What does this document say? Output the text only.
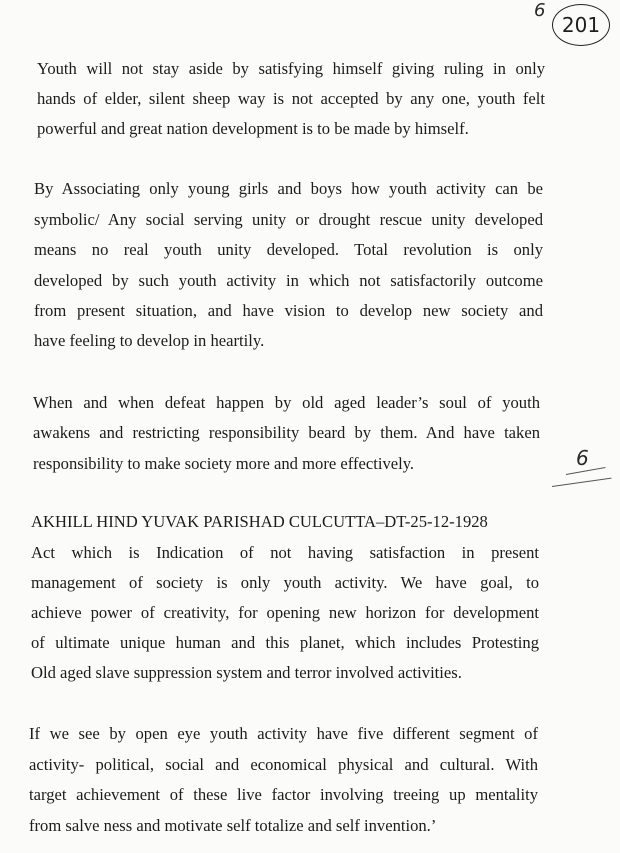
6
201
Youth will not stay aside by satisfying himself giving ruling in only
hands of elder, silent sheep way is not accepted by any one, youth felt
powerful and great nation development is to be made by himself.
By Associating only young girls and boys how youth activity can be
symbolic/ Any social serving unity or drought rescue unity developed
means no real youth unity developed. Total revolution is only
developed by such youth activity in which not satisfactorily outcome
from present situation, and have vision to develop new society and
have feeling to develop in heartily.
When and when defeat happen by old aged leader’s soul of youth
awakens and restricting responsibility beard by them. And have taken
responsibility to make society more and more effectively.	6
AKHILL HIND YUVAK PARISHAD CULCUTTA–DT-25-12-1928
Act which is Indication of not having satisfaction in present
management of society is only youth activity. We have goal, to
achieve power of creativity, for opening new horizon for development
of ultimate unique human and this planet, which includes Protesting
Old aged slave suppression system and terror involved activities.
If we see by open eye youth activity have five different segment of
activity- political, social and economical physical and cultural. With
target achievement of these live factor involving treeing up mentality
from salve ness and motivate self totalize and self invention.’
